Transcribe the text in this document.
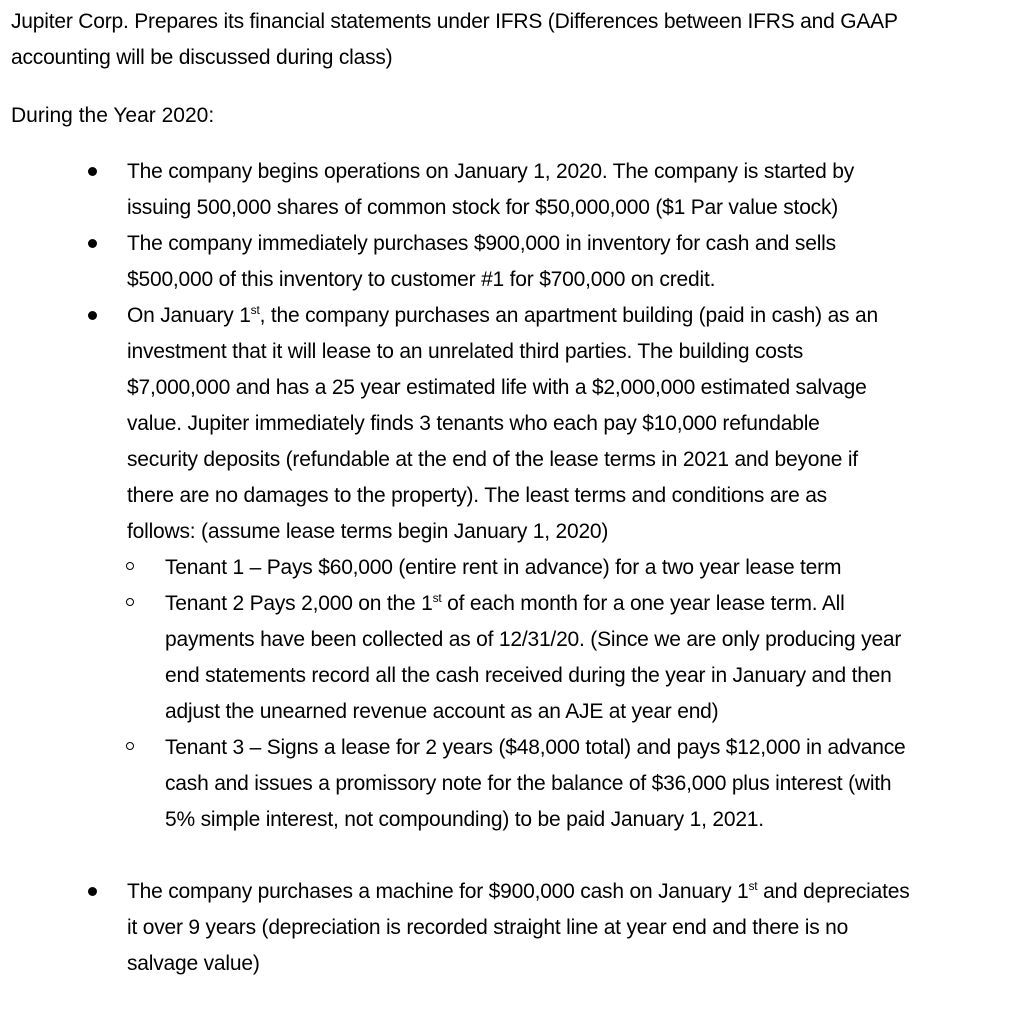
Jupiter Corp. Prepares its financial statements under IFRS (Differences between IFRS and GAAP
accounting will be discussed during class)
During the Year 2020:
The company begins operations on January 1, 2020. The company is started by
issuing 500,000 shares of common stock for $50,000,000 ($1 Par value stock)
The company immediately purchases $900,000 in inventory for cash and sells
$500,000 of this inventory to customer #1 for $700,000 on credit.
On January 1st, the company purchases an apartment building (paid in cash) as an
investment that it will lease to an unrelated third parties. The building costs
$7,000,000 and has a 25 year estimated life with a $2,000,000 estimated salvage
value. Jupiter immediately finds 3 tenants who each pay $10,000 refundable
security deposits (refundable at the end of the lease terms in 2021 and beyone if
there are no damages to the property). The least terms and conditions are as
follows: (assume lease terms begin January 1, 2020)
Tenant 1 – Pays $60,000 (entire rent in advance) for a two year lease term
Tenant 2 Pays 2,000 on the 1st of each month for a one year lease term. All
payments have been collected as of 12/31/20. (Since we are only producing year
end statements record all the cash received during the year in January and then
adjust the unearned revenue account as an AJE at year end)
Tenant 3 – Signs a lease for 2 years ($48,000 total) and pays $12,000 in advance
cash and issues a promissory note for the balance of $36,000 plus interest (with
5% simple interest, not compounding) to be paid January 1, 2021.
The company purchases a machine for $900,000 cash on January 1st and depreciates
it over 9 years (depreciation is recorded straight line at year end and there is no
salvage value)
